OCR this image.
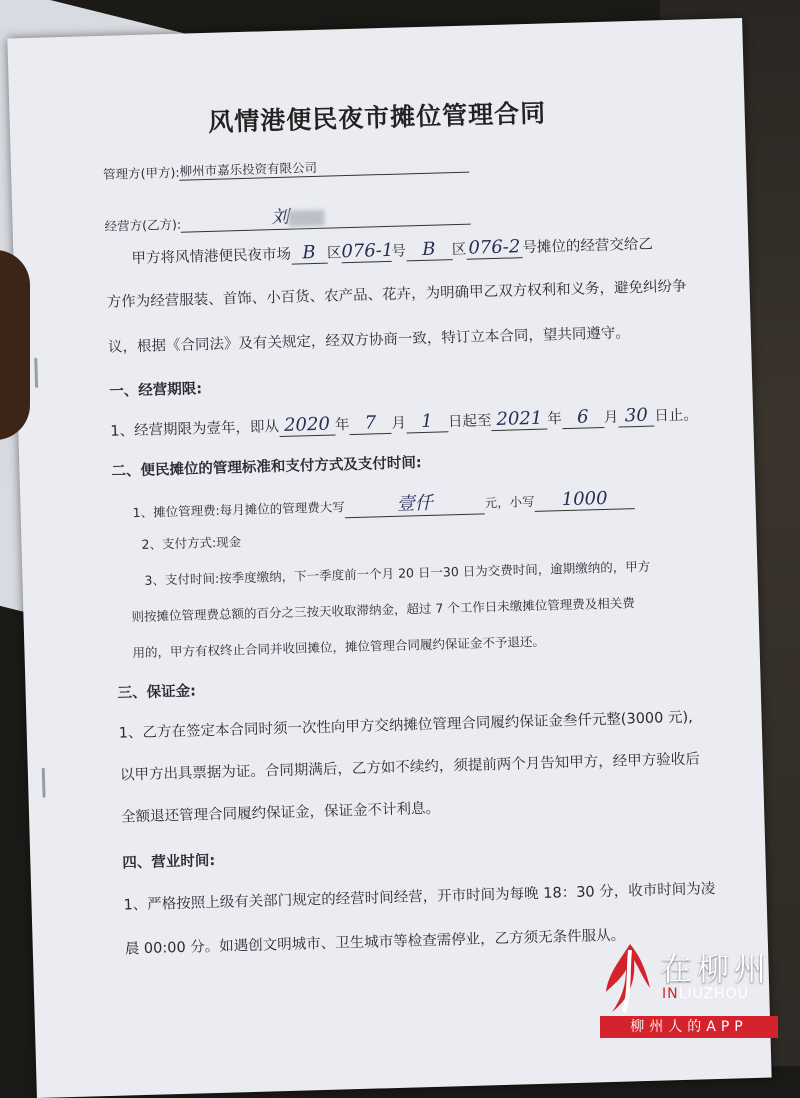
风情港便民夜市摊位管理合同
管理方(甲方):柳州市嘉乐投资有限公司
经营方(乙方):	刘
甲方将风情港便民夜市场 B 区076-1号 B 区076-2 号摊位的经营交给乙
方作为经营服装、首饰、小百货、农产品、花卉，为明确甲乙双方权利和义务，避免纠纷争
议，根据《合同法》及有关规定，经双方协商一致，特订立本合同，望共同遵守。
一、经营期限:
1、经营期限为壹年，即从 2020 年 7 月 1 日起至 2021 年 6 月 30 日止。
二、便民摊位的管理标准和支付方式及支付时间:
1、摊位管理费:每月摊位的管理费大写	壹仟	元，小写 1000
2、支付方式:现金
3、支付时间:按季度缴纳，下一季度前一个月 20 日一30 日为交费时间，逾期缴纳的，甲方
则按摊位管理费总额的百分之三按天收取滞纳金，超过 7 个工作日未缴摊位管理费及相关费
用的，甲方有权终止合同并收回摊位，摊位管理合同履约保证金不予退还。
三、保证金:
1、乙方在签定本合同时须一次性向甲方交纳摊位管理合同履约保证金叁仟元整(3000 元),
以甲方出具票据为证。合同期满后，乙方如不续约，须提前两个月告知甲方，经甲方验收后
全额退还管理合同履约保证金，保证金不计利息。
四、营业时间:
1、严格按照上级有关部门规定的经营时间经营，开市时间为每晚 18：30 分，收市时间为凌
晨 00:00 分。如遇创文明城市、卫生城市等检查需停业，乙方须无条件服从。
在柳州
INLIUZHOU
柳州人的APP
